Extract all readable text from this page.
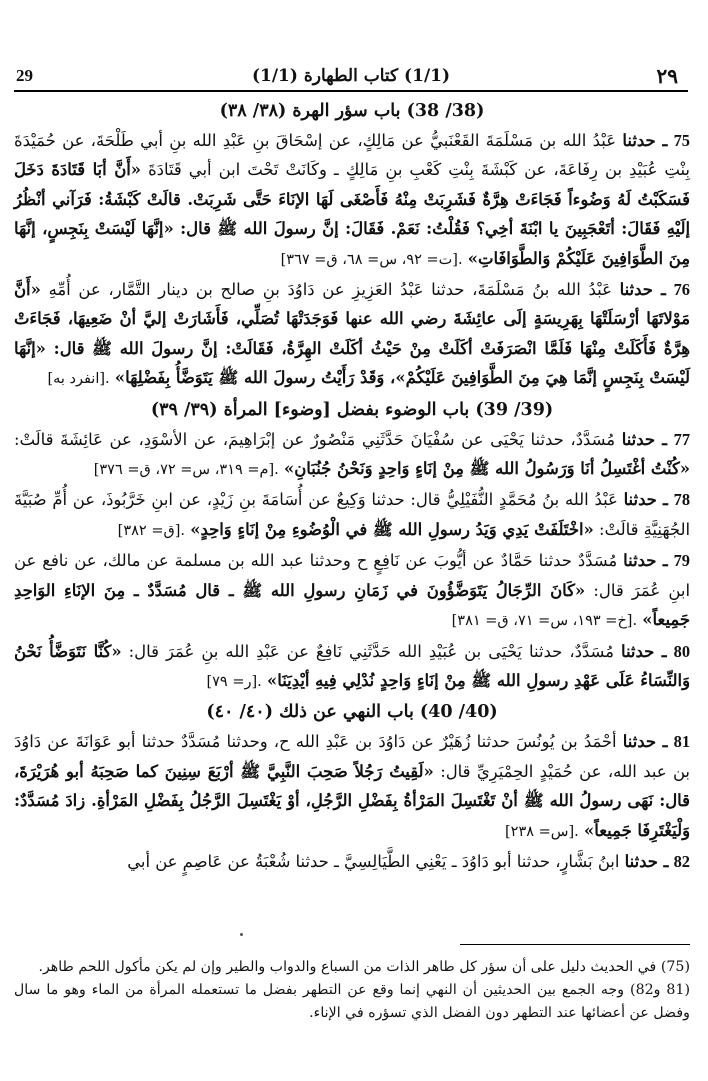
29	(1/1) كتاب الطهارة (1/1)	٢٩
(38/ 38) باب سؤر الهرة (٣٨/ ٣٨)

75 ـ حدثنا عَبْدُ الله بن مَسْلَمَةَ القَعْنَبيُّ عن مَالِكٍ، عن إسْحَاقَ بنِ عَبْدِ الله بنِ أبي طَلْحَةَ، عن حُمَيْدَةَ بِنْتِ عُبَيْدِ بن رِفَاعَةَ، عن كَبْشَةَ بِنْتِ كَعْبِ بنِ مَالِكٍ ـ وكَانَتْ تَحْتَ ابن أبي قَتَادَةَ «أَنَّ أبَا قَتَادَةَ دَخَلَ فَسَكَبْتُ لَهُ وَضُوءاً فَجَاءَتْ هِرَّةٌ فَشَرِبَتْ مِنْهُ فَأَصْغَى لَهَا الإنَاءَ حَتَّى شَرِبَتْ. قالَتْ كَبْشَةُ: فَرَآني أنْظُرُ إلَيْهِ فَقَالَ: أتَعْجَبِينَ يا ابْنَةَ أخِي؟ فَقُلْتُ: نَعَمْ. فَقَالَ: إنَّ رسولَ الله ﷺ قال: «إنَّهَا لَيْسَتْ بِنَجِسٍ، إنَّهَا مِنَ الطَّوَافِينَ عَلَيْكُمْ وَالطَّوَافَاتِ» .[ت= ٩٢، س= ٦٨، ق= ٣٦٧]

76 ـ حدثنا عَبْدُ الله بنُ مَسْلَمَةَ، حدثنا عَبْدُ العَزِيزِ عن دَاوُدَ بنِ صالح بن دينار التَّمَّار، عن أُمِّهِ «أَنَّ مَوْلاتَهَا أرْسَلَتْهَا بِهَرِيسَةٍ إلَى عائِشَةَ رضي الله عنها فَوَجَدَتْهَا تُصَلِّي، فَأَشَارَتْ إليَّ أنْ ضَعِيهَا، فَجَاءَتْ هِرَّةٌ فَأَكَلَتْ مِنْهَا فَلَمَّا انْصَرَفَتْ أكَلَتْ مِنْ حَيْثُ أكَلَتْ الهِرَّةُ، فَقَالَتْ: إنَّ رسولَ الله ﷺ قال: «إنَّهَا لَيْسَتْ بِنَجِسٍ إنَّمَا هِيَ مِنَ الطَّوَافِينَ عَلَيْكُمْ»، وَقَدْ رَأَيْتُ رسولَ الله ﷺ يَتَوَضَّأُ بِفَضْلِهَا» .[انفرد به]

(39/ 39) باب الوضوء بفضل [وضوء] المرأة (٣٩/ ٣٩)

77 ـ حدثنا مُسَدَّدٌ، حدثنا يَحْيَى عن سُفْيَانَ حَدَّثَنِي مَنْصُورٌ عن إبْرَاهِيمَ، عن الأسْوَدِ، عن عَائِشَةَ قالَتْ: «كُنْتُ أغْتَسِلُ أنَا وَرَسُولُ الله ﷺ مِنْ إنَاءٍ وَاحِدٍ وَنَحْنُ جُنُبَانِ» .[م= ٣١٩، س= ٧٢، ق= ٣٧٦]

78 ـ حدثنا عَبْدُ الله بنُ مُحَمَّدٍ النُّفَيْلِيُّ قال: حدثنا وَكِيعٌ عن أُسَامَةَ بنِ زَيْدٍ، عن ابنِ خَرَّبُوذَ، عن أُمِّ صُبَيَّةَ الجُهَنِيَّةِ قالَتْ: «اخْتَلَفَتْ يَدِي وَيَدُ رسولِ الله ﷺ في الْوُضُوءِ مِنْ إنَاءٍ وَاحِدٍ» .[ق= ٣٨٢]

79 ـ حدثنا مُسَدَّدٌ حدثنا حَمَّادٌ عن أيُّوبَ عن نَافِعٍ ح وحدثنا عبد الله بن مسلمة عن مالك، عن نافع عن ابنِ عُمَرَ قال: «كَانَ الرِّجَالُ يَتَوَضَّؤُونَ في زَمَانِ رسولِ الله ﷺ ـ قال مُسَدَّدٌ ـ مِنَ الإنَاءِ الوَاحِدِ جَمِيعاً» .[خ= ١٩٣، س= ٧١، ق= ٣٨١]

80 ـ حدثنا مُسَدَّدٌ، حدثنا يَحْيَى بن عُبَيْدِ الله حَدَّثَنِي نَافِعٌ عن عَبْدِ الله بنِ عُمَرَ قال: «كُنَّا نَتَوَضَّأُ نَحْنُ وَالنِّسَاءُ عَلَى عَهْدِ رسولِ الله ﷺ مِنْ إنَاءٍ وَاحِدٍ نُدْلِي فِيهِ أيْدِيَنَا» .[ر= ٧٩]

(40/ 40) باب النهي عن ذلك (٤٠/ ٤٠)

81 ـ حدثنا أحْمَدُ بن يُونُسَ حدثنا زُهَيْرٌ عن دَاوُدَ بن عَبْدِ الله ح، وحدثنا مُسَدَّدٌ حدثنا أبو عَوَانَةَ عن دَاوُدَ بن عبد الله، عن حُمَيْدٍ الحِمْيَرِيِّ قال: «لَقِيتُ رَجُلاً صَحِبَ النَّبِيَّ ﷺ أرْبَعَ سِنِينَ كما صَحِبَهُ أبو هُرَيْرَةَ، قال: نَهَى رسولُ الله ﷺ أنْ تَغْتَسِلَ المَرْأةُ بِفَضْلِ الرَّجُلِ، أوْ يَغْتَسِلَ الرَّجُلُ بِفَضْلِ المَرْأةِ. زادَ مُسَدَّدٌ: وَلْيَغْتَرِفَا جَمِيعاً» .[س= ٢٣٨]

82 ـ حدثنا ابنُ بَشَّارٍ، حدثنا أبو دَاوُدَ ـ يَعْنِي الطَّيَالِسِيَّ ـ حدثنا شُعْبَةُ عن عَاصِمٍ عن أبي

(75) في الحديث دليل على أن سؤر كل طاهر الذات من السباع والدواب والطير وإن لم يكن مأكول اللحم طاهر.

(81 و82) وجه الجمع بين الحديثين أن النهي إنما وقع عن التطهر بفضل ما تستعمله المرأة من الماء وهو ما سال وفضل عن أعضائها عند التطهر دون الفضل الذي تسؤره في الإناء.
